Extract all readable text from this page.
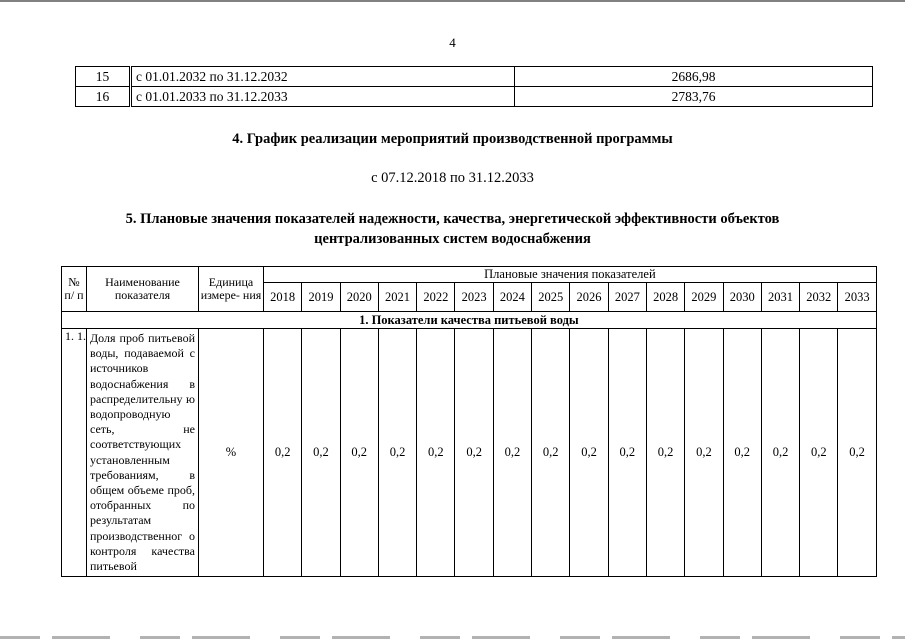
4
15	с 01.01.2032 по 31.12.2032	2686,98
16	с 01.01.2033 по 31.12.2033	2783,76
4. График реализации мероприятий производственной программы
с 07.12.2018 по 31.12.2033
5. Плановые значения показателей надежности, качества, энергетической эффективности объектов
централизованных систем водоснабжения
№ п/ п	Наименование показателя	Единица измере- ния	Плановые значения показателей															
			2018	2019	2020	2021	2022	2023	2024	2025	2026	2027	2028	2029	2030	2031	2032	2033
1. Показатели качества питьевой воды																		
1. 1.	Доля проб питьевой воды, подаваемой с источников водоснабжения в распределительну ю водопроводную сеть, не соответствующих установленным требованиям, в общем объеме проб, отобранных по результатам производственног о контроля качества питьевой	%	0,2	0,2	0,2	0,2	0,2	0,2	0,2	0,2	0,2	0,2	0,2	0,2	0,2	0,2	0,2	0,2
